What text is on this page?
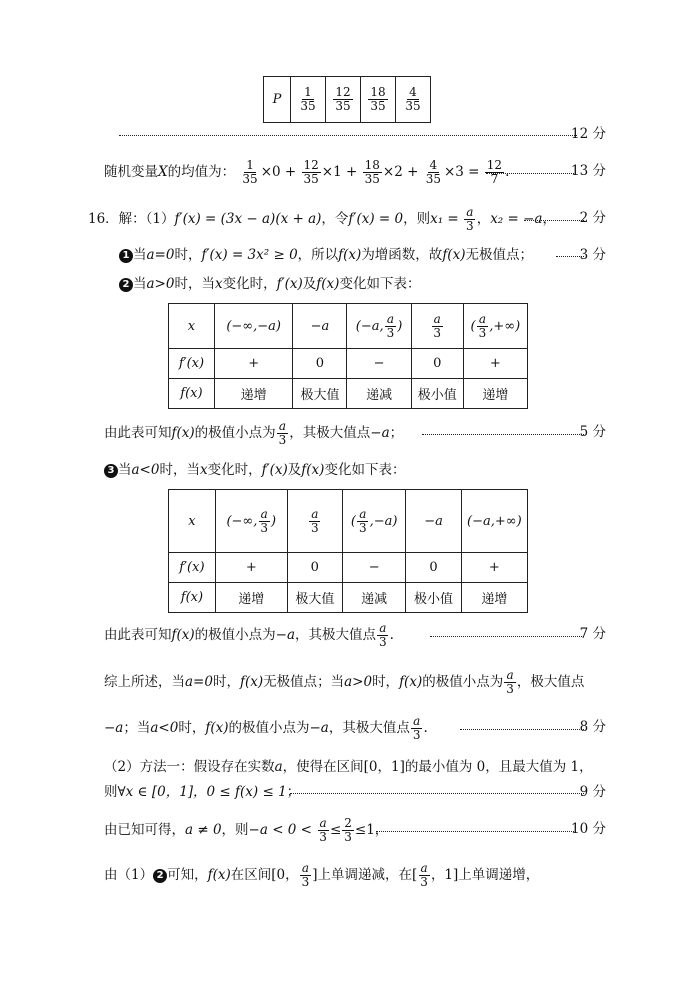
P	$\frac{1}{35}$	$\frac{12}{35}$	$\frac{18}{35}$	$\frac{4}{35}$
12 分
随机变量X的均值为： $\frac{1}{35} \times 0 + \frac{12}{35} \times 1 + \frac{18}{35} \times 2 + \frac{4}{35} \times 3 = \frac{12}{7}$ .	13 分
16．解：（1）f′(x) = (3x − a)(x + a)，令f′(x) = 0，则$x_1 = \frac{a}{3}$ ，x₂ = −a， 2 分
1 当a=0时，f′(x) = 3x² ≥ 0，所以f(x)为增函数，故f(x)无极值点；	3 分
2 当a>0时，当x变化时，f′(x)及f(x)变化如下表：
x	(−∞,−a)	−a	(−a, $\frac{a}{3}$ )	$\frac{a}{3}$	( $\frac{a}{3}$ ,+∞)
f′(x)	+	0	−	0	+
f(x)	递增	极大值	递减	极小值	递增
由此表可知f(x)的极值小点为 $\frac{a}{3}$ ，其极大值点−a；	5 分
3 当a<0时，当x变化时，f′(x)及f(x)变化如下表：
x	(−∞, $\frac{a}{3}$ )	$\frac{a}{3}$	( $\frac{a}{3} ,-a$)	−a	(−a,+∞)
f′(x)	+	0	−	0	+
f(x)	递增	极大值	递减	极小值	递增
由此表可知f(x)的极值小点为−a，其极大值点 $\frac{a}{3}$ .	7 分
综上所述，当a=0时，f(x)无极值点；当a>0时，f(x)的极值小点为 $\frac{a}{3}$ ，极大值点
−a；当a<0时，f(x)的极值小点为−a，其极大值点 $\frac{a}{3}$ .	8 分
（2）方法一：假设存在实数a，使得在区间[0，1]的最小值为 0，且最大值为 1，
则∀x ∈ [0，1]，0 ≤ f(x) ≤ 1；	9 分
由已知可得，a ≠ 0，则$-a < 0 < \frac{a}{3} \le \frac{2}{3} \le 1$，	10 分
由（1） 2 可知，f(x)在区间[0， $\frac{a}{3}$ ]上单调递减，在[ $\frac{a}{3}$ ，1]上单调递增，
